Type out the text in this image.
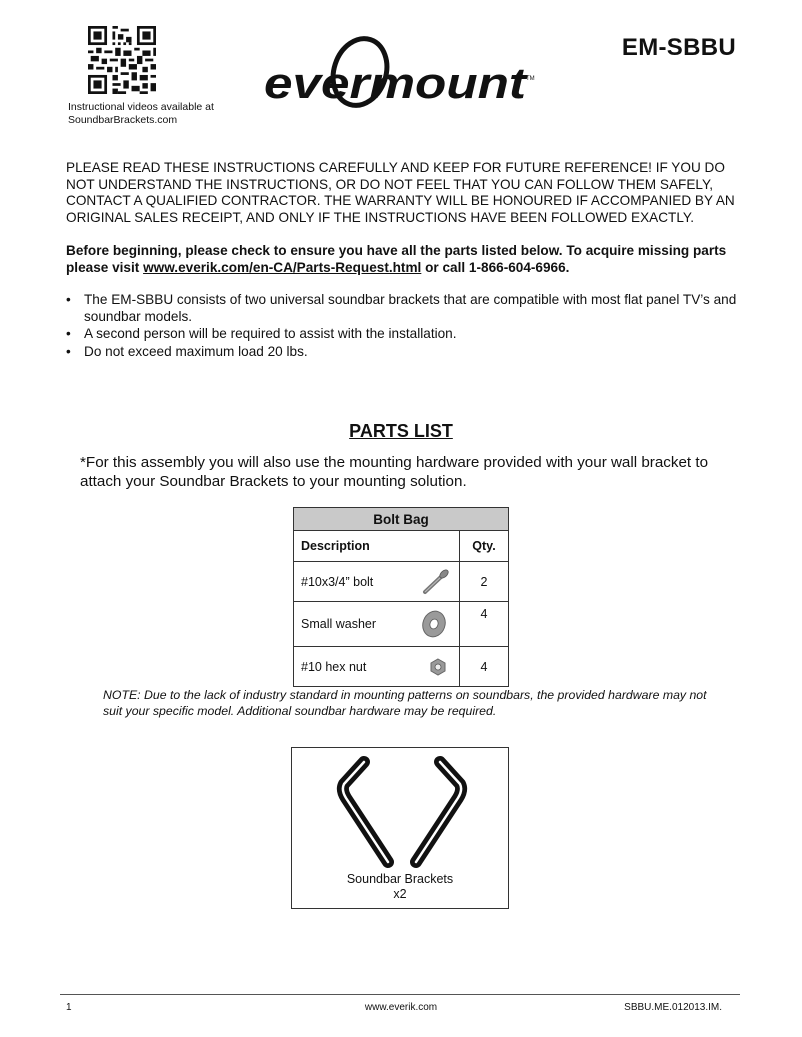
Instructional videos available at
SoundbarBrackets.com
evermount
TM
EM-SBBU
PLEASE READ THESE INSTRUCTIONS CAREFULLY AND KEEP FOR FUTURE REFERENCE! IF YOU DO NOT UNDERSTAND THE INSTRUCTIONS, OR DO NOT FEEL THAT YOU CAN FOLLOW THEM SAFELY, CONTACT A QUALIFIED CONTRACTOR. THE WARRANTY WILL BE HONOURED IF ACCOMPANIED BY AN ORIGINAL SALES RECEIPT, AND ONLY IF THE INSTRUCTIONS HAVE BEEN FOLLOWED EXACTLY.
Before beginning, please check to ensure you have all the parts listed below. To acquire missing parts please visit www.everik.com/en-CA/Parts-Request.html or call 1-866-604-6966.
• The EM-SBBU consists of two universal soundbar brackets that are compatible with most flat panel TV’s and soundbar models.
• A second person will be required to assist with the installation.
• Do not exceed maximum load 20 lbs.
PARTS LIST
*For this assembly you will also use the mounting hardware provided with your wall bracket to attach your Soundbar Brackets to your mounting solution.
Bolt Bag	
Description	Qty.
#10x3/4” bolt	2
Small washer	4
#10 hex nut	4
NOTE: Due to the lack of industry standard in mounting patterns on soundbars, the provided hardware may not suit your specific model. Additional soundbar hardware may be required.
Soundbar Brackets
x2
1	www.everik.com	SBBU.ME.012013.IM.
